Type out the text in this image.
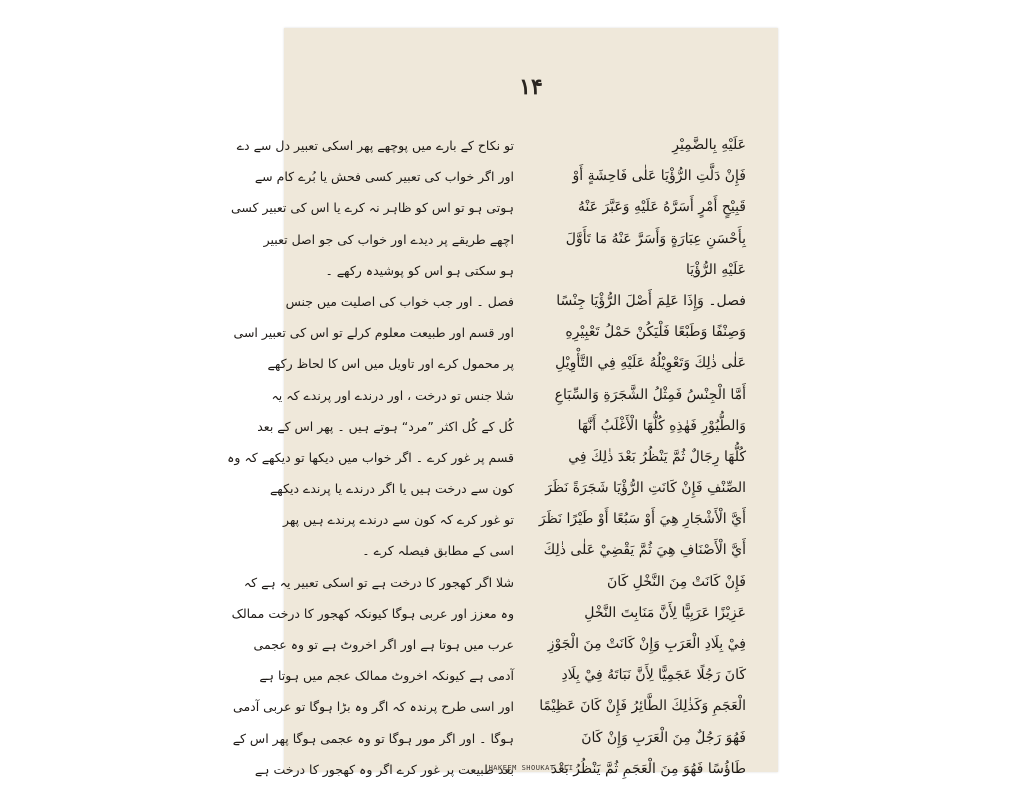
۱۴
عَلَيْهِ بِالضَّمِيْرِ
فَإِنْ دَلَّتِ الرُّؤْيَا عَلٰى فَاحِشَةٍ أَوْ
قَبِيْحٍ أَمْرٍ أَسَرَّهُ عَلَيْهِ وَعَبَّرَ عَنْهُ
بِأَحْسَنِ عِبَارَةٍ وَأَسَرَّ عَنْهُ مَا تَأَوَّلَ
عَلَيْهِ الرُّؤْيَا
فصل۔ وَإِذَا عَلِمَ أَصْلَ الرُّؤْيَا جِنْسًا
وَصِنْفًا وَطَبْعًا فَلْيَكُنْ حَمْلُ تَعْبِيْرِهِ
عَلٰى ذٰلِكَ وَتَعْوِيْلُهُ عَلَيْهِ فِي التَّأْوِيْلِ
أَمَّا الْجِنْسُ فَمِثْلُ الشَّجَرَةِ وَالسِّبَاعِ
وَالطُّيُوْرِ فَهٰذِهِ كُلُّهَا الْأَغْلَبُ أَنَّهَا
كُلُّهَا رِجَالٌ ثُمَّ يَنْظُرُ بَعْدَ ذٰلِكَ فِي
الصِّنْفِ فَإِنْ كَانَتِ الرُّؤْيَا شَجَرَةً نَظَرَ
أَيَّ الْأَشْجَارِ هِيَ أَوْ سَبُعًا أَوْ طَيْرًا نَظَرَ
أَيَّ الْأَصْنَافِ هِيَ ثُمَّ يَقْضِيْ عَلٰى ذٰلِكَ
فَإِنْ كَانَتْ مِنَ النَّخْلِ كَانَ
عَزِيْزًا عَرَبِيًّا لِأَنَّ مَنَابِتَ النَّخْلِ
فِيْ بِلَادِ الْعَرَبِ وَإِنْ كَانَتْ مِنَ الْجَوْزِ
كَانَ رَجُلًا عَجَمِيًّا لِأَنَّ نَبَاتَهُ فِيْ بِلَادِ
الْعَجَمِ وَكَذٰلِكَ الطَّائِرُ فَإِنْ كَانَ عَظِيْمًا
فَهُوَ رَجُلٌ مِنَ الْعَرَبِ وَإِنْ كَانَ
طَاؤُسًا فَهُوَ مِنَ الْعَجَمِ ثُمَّ يَنْظُرُ بَعْدَ
تو نکاح کے بارے میں پوچھے پھر اسکی تعبیر دل سے دے
اور اگر خواب کی تعبیر کسی فحش یا بُرے کام سے
ہوتی ہو تو اس کو ظاہر نہ کرے یا اس کی تعبیر کسی
اچھے طریقے پر دیدے اور خواب کی جو اصل تعبیر
ہو سکتی ہو اس کو پوشیدہ رکھے ۔
فصل ۔ اور جب خواب کی اصلیت میں جنس
اور قسم اور طبیعت معلوم کرلے تو اس کی تعبیر اسی
پر محمول کرے اور تاویل میں اس کا لحاظ رکھے
شلا جنس تو درخت ، اور درندے اور پرندے کہ یہ
کُل کے کُل اکثر ”مرد“ ہوتے ہیں ۔ پھر اس کے بعد
قسم پر غور کرے ۔ اگر خواب میں دیکھا تو دیکھے کہ وہ
کون سے درخت ہیں یا اگر درندے یا پرندے دیکھے
تو غور کرے کہ کون سے درندے پرندے ہیں پھر
اسی کے مطابق فیصلہ کرے ۔
شلا اگر کھجور کا درخت ہے تو اسکی تعبیر یہ ہے کہ
وہ معزز اور عربی ہوگا کیونکہ کھجور کا درخت ممالک
عرب میں ہوتا ہے اور اگر اخروٹ ہے تو وہ عجمی
آدمی ہے کیونکہ اخروٹ ممالک عجم میں ہوتا ہے
اور اسی طرح پرندہ کہ اگر وہ بڑا ہوگا تو عربی آدمی
ہوگا ۔ اور اگر مور ہوگا تو وہ عجمی ہوگا پھر اس کے
بعد طبیعت پر غور کرے اگر وہ کھجور کا درخت ہے
HAKEEM SHOUKAT ALI
